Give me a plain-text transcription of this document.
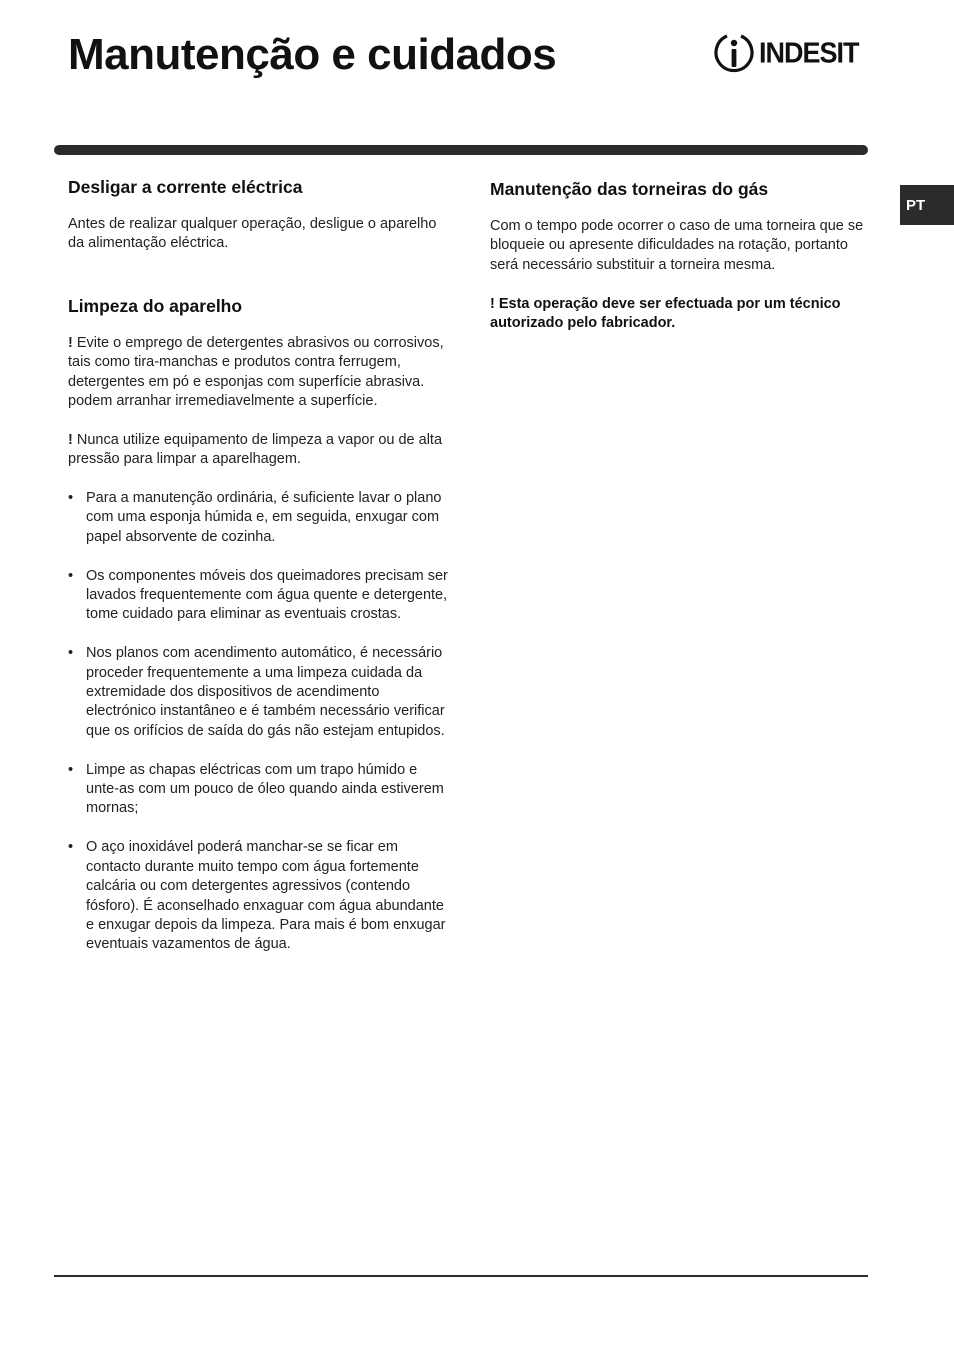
Manutenção e cuidados	INDESIT
PT
Desligar a corrente eléctrica

Antes de realizar qualquer operação, desligue o aparelho da alimentação eléctrica.

Limpeza do aparelho

! Evite o emprego de detergentes abrasivos ou corrosivos, tais como tira-manchas e produtos contra ferrugem, detergentes em pó e esponjas com superfície abrasiva. podem arranhar irremediavelmente a superfície.

! Nunca utilize equipamento de limpeza a vapor ou de alta pressão para limpar a aparelhagem.

• Para a manutenção ordinária, é suficiente lavar o plano com uma esponja húmida e, em seguida, enxugar com papel absorvente de cozinha.
• Os componentes móveis dos queimadores precisam ser lavados frequentemente com água quente e detergente, tome cuidado para eliminar as eventuais crostas.
• Nos planos com acendimento automático, é necessário proceder frequentemente a uma limpeza cuidada da extremidade dos dispositivos de acendimento electrónico instantâneo e é também necessário verificar que os orifícios de saída do gás não estejam entupidos.
• Limpe as chapas eléctricas com um trapo húmido e unte-as com um pouco de óleo quando ainda estiverem mornas;
• O aço inoxidável poderá manchar-se se ficar em contacto durante muito tempo com água fortemente calcária ou com detergentes agressivos (contendo fósforo). É aconselhado enxaguar com água abundante e enxugar depois da limpeza. Para mais é bom enxugar eventuais vazamentos de água.
Manutenção das torneiras do gás

Com o tempo pode ocorrer o caso de uma torneira que se bloqueie ou apresente dificuldades na rotação, portanto será necessário substituir a torneira mesma.

! Esta operação deve ser efectuada por um técnico autorizado pelo fabricador.
